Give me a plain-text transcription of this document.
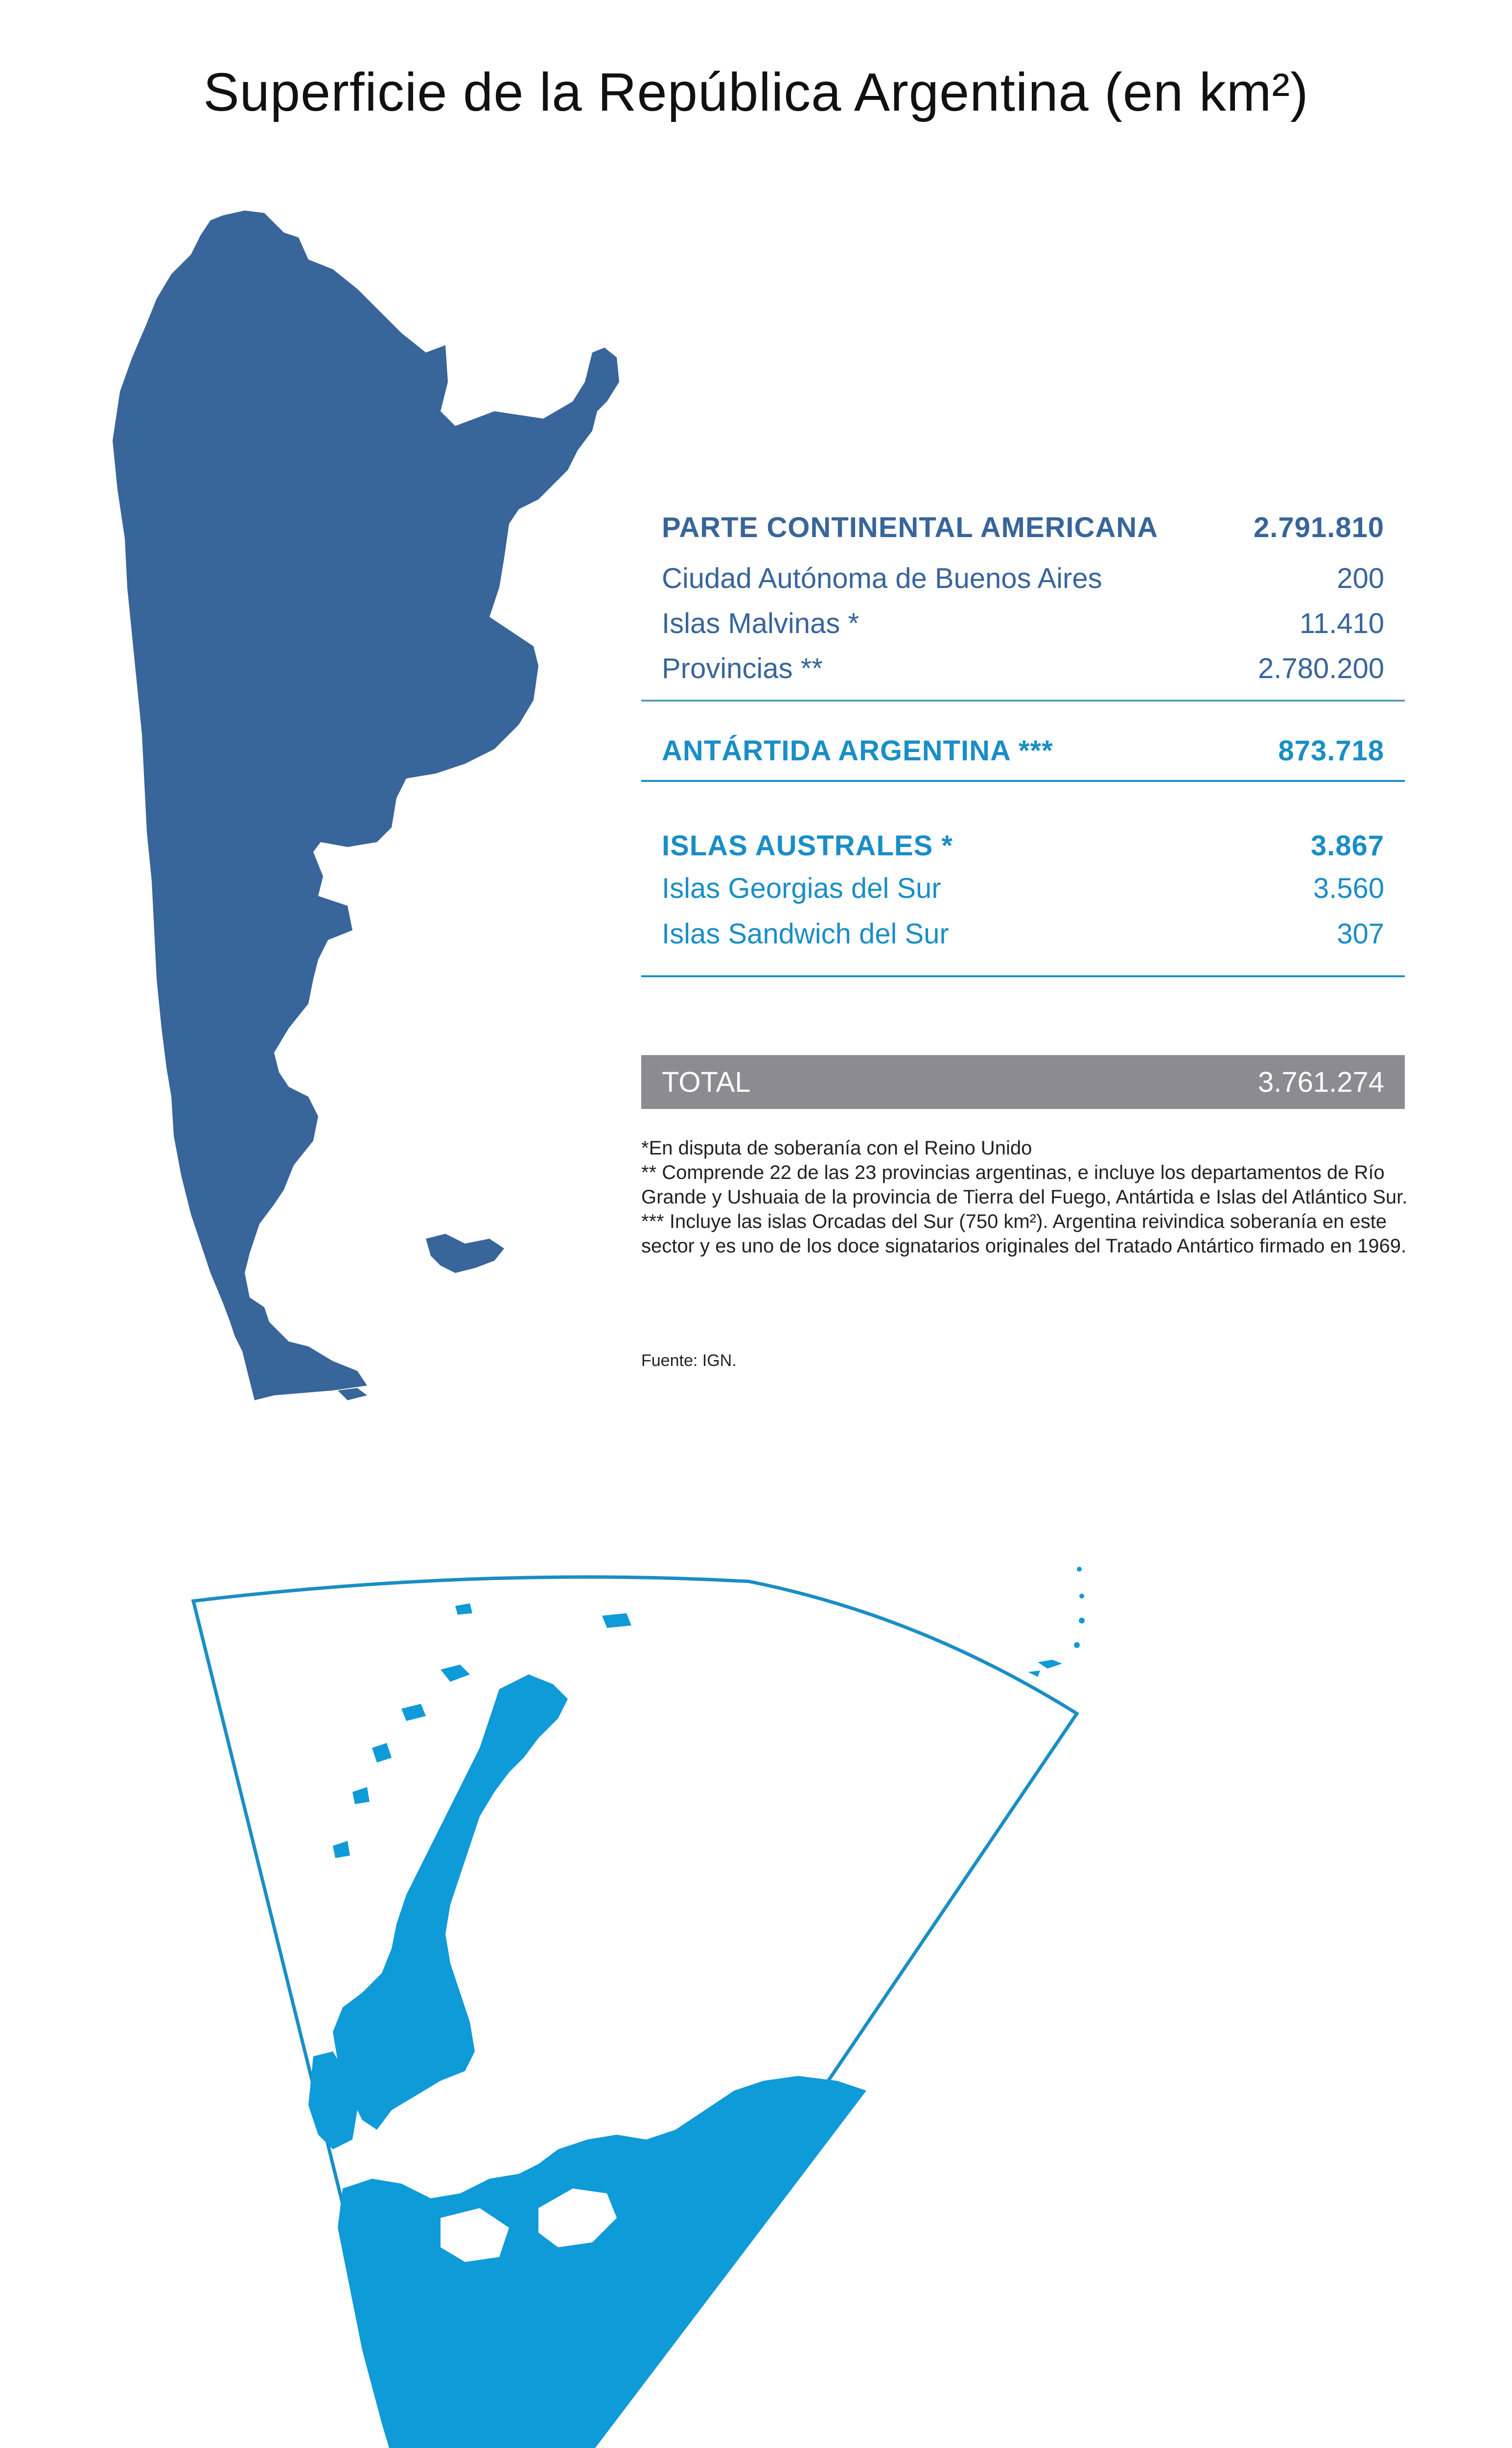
Superficie de la República Argentina (en km²)
PARTE CONTINENTAL AMERICANA	2.791.810
Ciudad Autónoma de Buenos Aires	200
Islas Malvinas *	11.410
Provincias **	2.780.200
ANTÁRTIDA ARGENTINA ***	873.718
ISLAS AUSTRALES *	3.867
Islas Georgias del Sur	3.560
Islas Sandwich del Sur	307
TOTAL	3.761.274

*En disputa de soberanía con el Reino Unido

** Comprende 22 de las 23 provincias argentinas, e incluye los departamentos de Río Grande y Ushuaia de la provincia de Tierra del Fuego, Antártida e Islas del Atlántico Sur.

*** Incluye las islas Orcadas del Sur (750 km²). Argentina reivindica soberanía en este sector y es uno de los doce signatarios originales del Tratado Antártico firmado en 1969.

Fuente: IGN.
